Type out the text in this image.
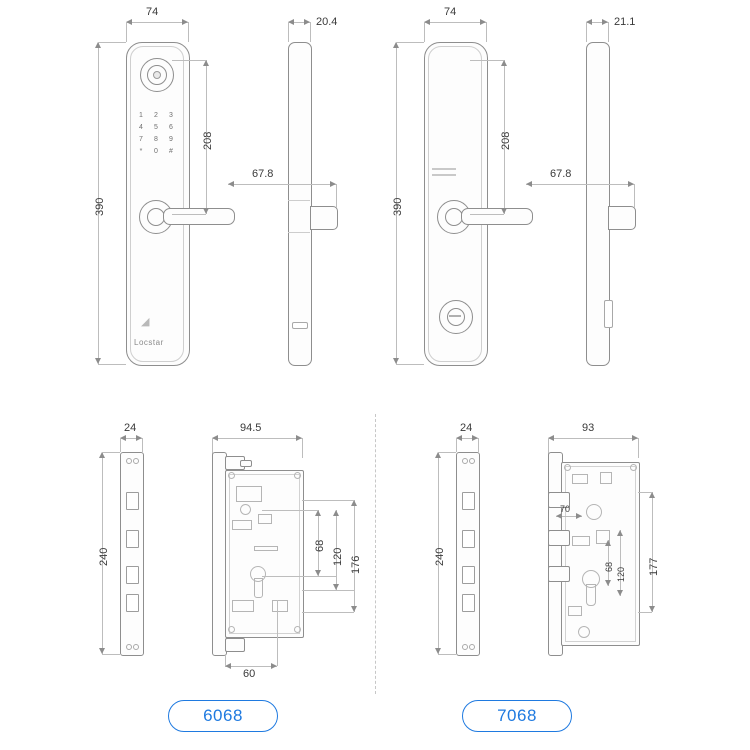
74
1	2	3
4	5	6
7	8	9
*	0	#
Locstar
◢
390
208
20.4
67.8
74
390
208
21.1
67.8
24
240
94.5
68
120 176
60
24
240
93
70
68 120 177
6068	7068
